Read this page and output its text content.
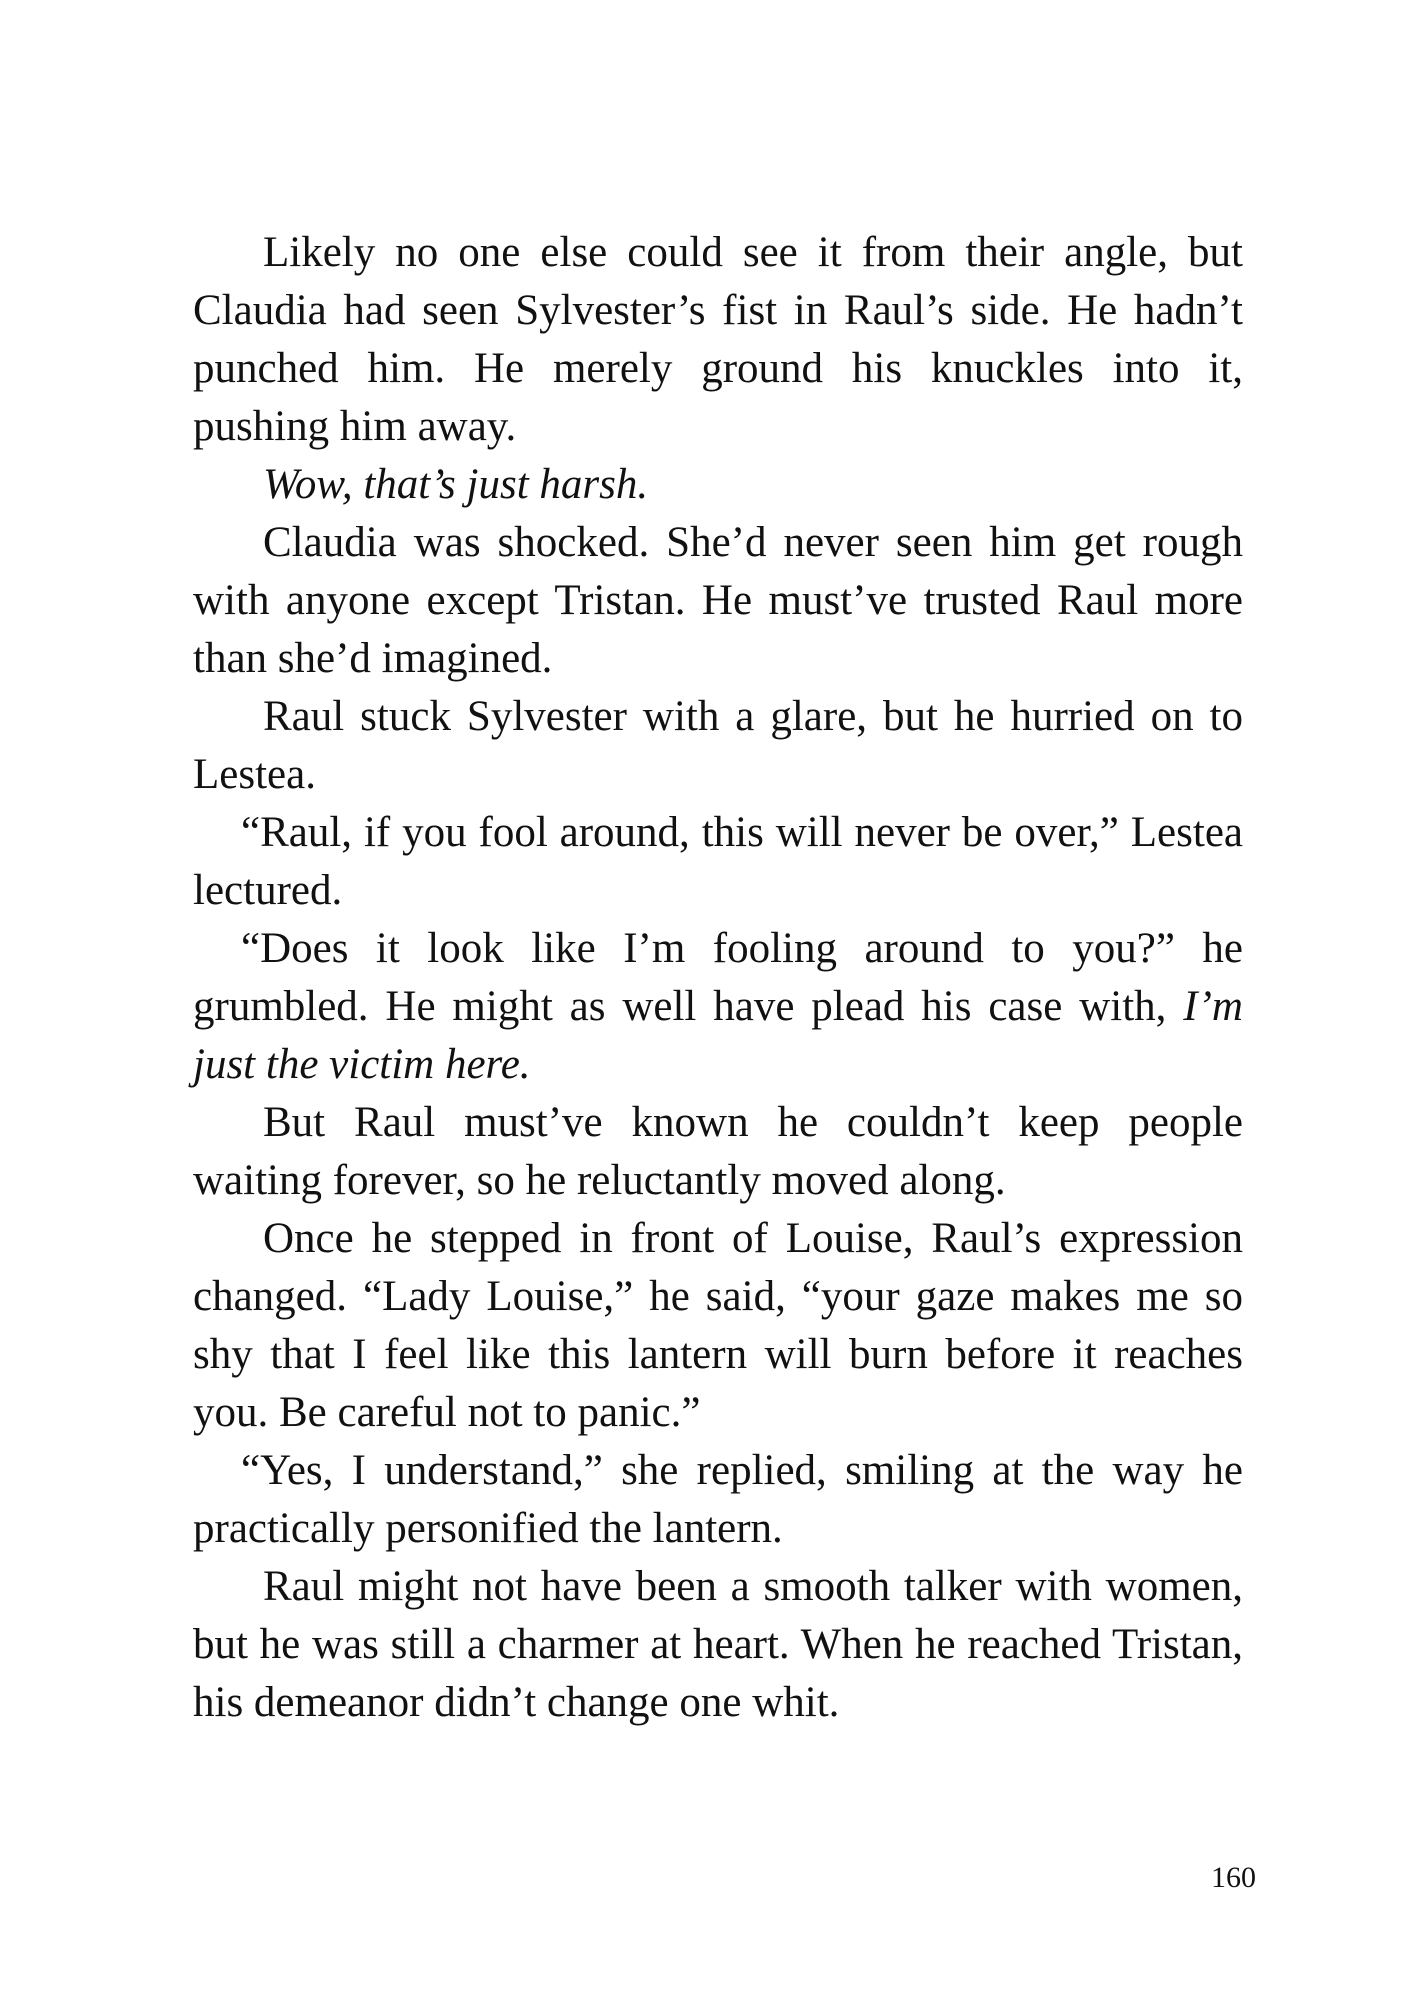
Likely no one else could see it from their angle, but Claudia had seen Sylvester’s fist in Raul’s side. He hadn’t punched him. He merely ground his knuckles into it, pushing him away.

Wow, that’s just harsh.

Claudia was shocked. She’d never seen him get rough with anyone except Tristan. He must’ve trusted Raul more than she’d imagined.

Raul stuck Sylvester with a glare, but he hurried on to Lestea.

“Raul, if you fool around, this will never be over,” Lestea lectured.

“Does it look like I’m fooling around to you?” he grumbled. He might as well have plead his case with, I’m just the victim here.

But Raul must’ve known he couldn’t keep people waiting forever, so he reluctantly moved along.

Once he stepped in front of Louise, Raul’s expression changed. “Lady Louise,” he said, “your gaze makes me so shy that I feel like this lantern will burn before it reaches you. Be careful not to panic.”

“Yes, I understand,” she replied, smiling at the way he practically personified the lantern.

Raul might not have been a smooth talker with women, but he was still a charmer at heart. When he reached Tristan, his demeanor didn’t change one whit.

160
